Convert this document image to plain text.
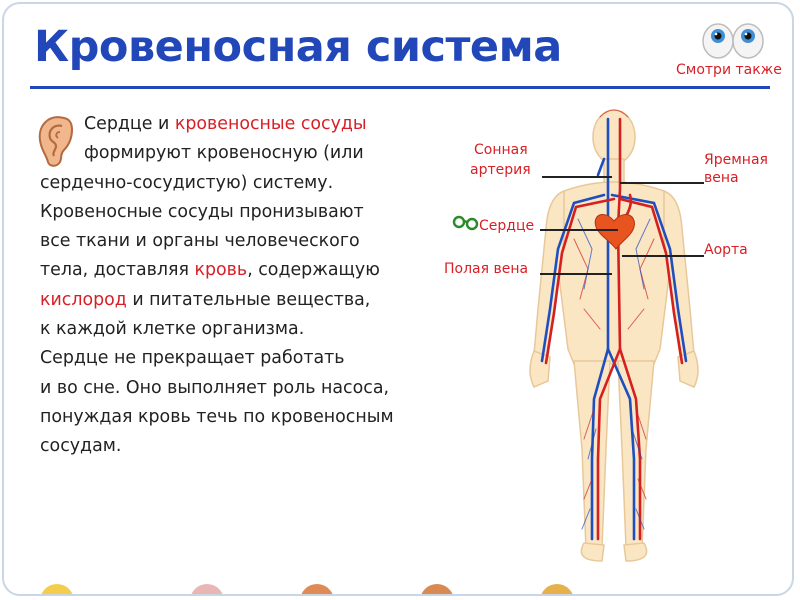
Кровеносная система	Смотри также
Сердце и кровеносные сосуды
формируют кровеносную (или
сердечно-сосудистую) систему.
Кровеносные сосуды пронизывают
все ткани и органы человеческого
тела, доставляя кровь, содержащую
кислород и питательные вещества,
к каждой клетке организма.
Сердце не прекращает работать
и во сне. Оно выполняет роль насоса,
понуждая кровь течь по кровеносным
сосудам.
Сонная
артерия
Яремная
вена
Сердце
Аорта
Полая вена
